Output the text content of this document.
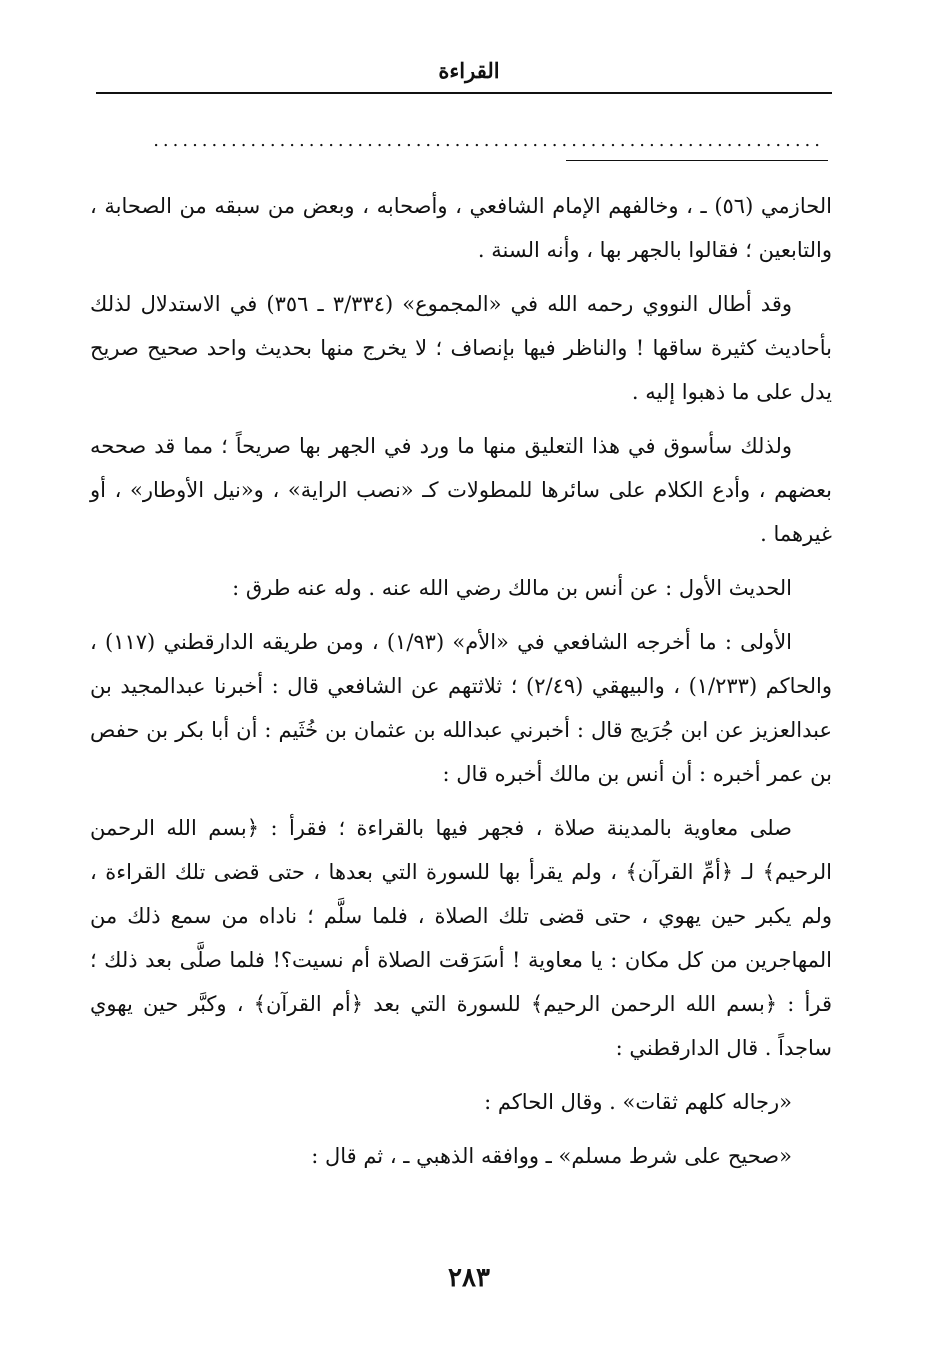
القراءة
.....................................................................

الحازمي (٥٦) ـ ، وخالفهم الإمام الشافعي ، وأصحابه ، وبعض من سبقه من الصحابة ، والتابعين ؛ فقالوا بالجهر بها ، وأنه السنة .

وقد أطال النووي رحمه الله في «المجموع» (٣/٣٣٤ ـ ٣٥٦) في الاستدلال لذلك بأحاديث كثيرة ساقها ! والناظر فيها بإنصاف ؛ لا يخرج منها بحديث واحد صحيح صريح يدل على ما ذهبوا إليه .

ولذلك سأسوق في هذا التعليق منها ما ورد في الجهر بها صريحاً ؛ مما قد صححه بعضهم ، وأدع الكلام على سائرها للمطولات كـ «نصب الراية» ، و«نيل الأوطار» ، أو غيرهما .

الحديث الأول : عن أنس بن مالك رضي الله عنه . وله عنه طرق :

الأولى : ما أخرجه الشافعي في «الأم» (١/٩٣) ، ومن طريقه الدارقطني (١١٧) ، والحاكم (١/٢٣٣) ، والبيهقي (٢/٤٩) ؛ ثلاثتهم عن الشافعي قال : أخبرنا عبدالمجيد بن عبدالعزيز عن ابن جُرَيج قال : أخبرني عبدالله بن عثمان بن خُثَيم : أن أبا بكر بن حفص بن عمر أخبره : أن أنس بن مالك أخبره قال :

صلى معاوية بالمدينة صلاة ، فجهر فيها بالقراءة ؛ فقرأ : ﴿بسم الله الرحمن الرحيم﴾ لـ ﴿أمِّ القرآن﴾ ، ولم يقرأ بها للسورة التي بعدها ، حتى قضى تلك القراءة ، ولم يكبر حين يهوي ، حتى قضى تلك الصلاة ، فلما سلَّم ؛ ناداه من سمع ذلك من المهاجرين من كل مكان : يا معاوية ! أسَرَقت الصلاة أم نسيت؟! فلما صلَّى بعد ذلك ؛ قرأ : ﴿بسم الله الرحمن الرحيم﴾ للسورة التي بعد ﴿أم القرآن﴾ ، وكبَّر حين يهوي ساجداً . قال الدارقطني :

«رجاله كلهم ثقات» . وقال الحاكم :

«صحيح على شرط مسلم» ـ ووافقه الذهبي ـ ، ثم قال :

٢٨٣
